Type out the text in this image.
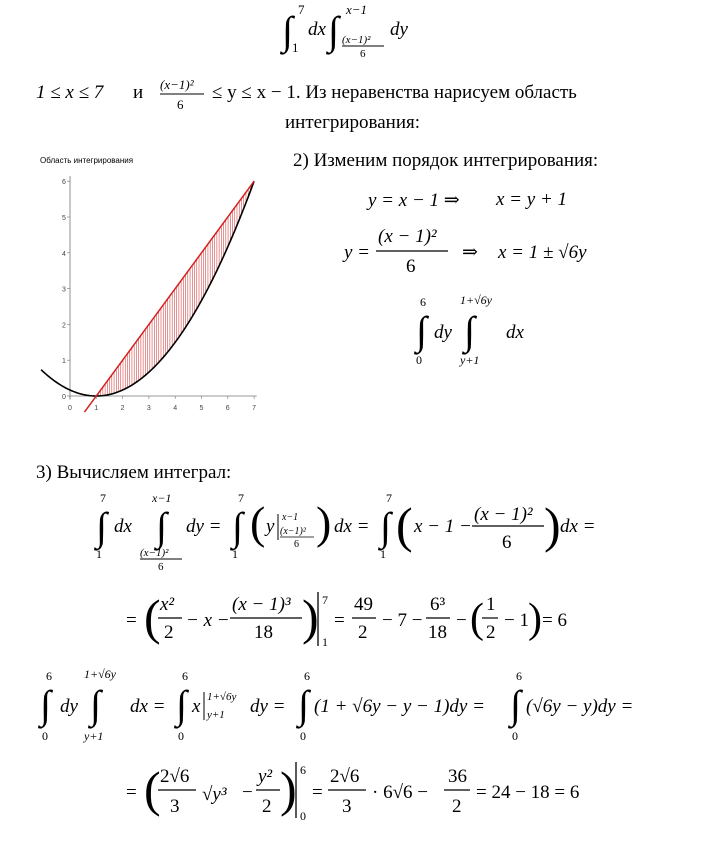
∫ 7
1
dx ∫ x−1
(x−1)²
6
dy
1 ≤ x ≤ 7 и (x−1)²
6
≤ y ≤ x − 1. Из неравенства нарисуем область
интегрирования:
Область интегрирования
0	1	2	3	4	5	6	7
0
1
2
3
4
5
6
2) Изменим порядок интегрирования:
y = x − 1 ⇒ x = y + 1
y =
(x − 1)²
6
⇒ x = 1 ± √6y
6
∫
0
dy
1+√6y
∫
y+1
dx
3) Вычисляем интеграл:
7
∫
1
dx
x−1
∫
(x−1)²
6
dy =
7
∫
1
( y x−1
(x−1)²
6 ) dx =
7
∫
1
( x − 1 −
(x − 1)²
6 ) dx =
= ( x²
2
− x −
(x − 1)³
18 ) 7
1
=
49
2
− 7 −
6³
18
− ( 1
2
− 1 ) = 6
6
∫
0
dy
1+√6y
∫
y+1
dx =
6
∫
0
x 1+√6y
y+1 dy =
6
∫
0
(1 + √6y − y − 1)dy =
6
∫
0
(√6y − y)dy =
= ( 2√6
3
√y³ −
y²
2 ) 6
0
=
2√6
3
· 6√6 −
36
2
= 24 − 18 = 6
